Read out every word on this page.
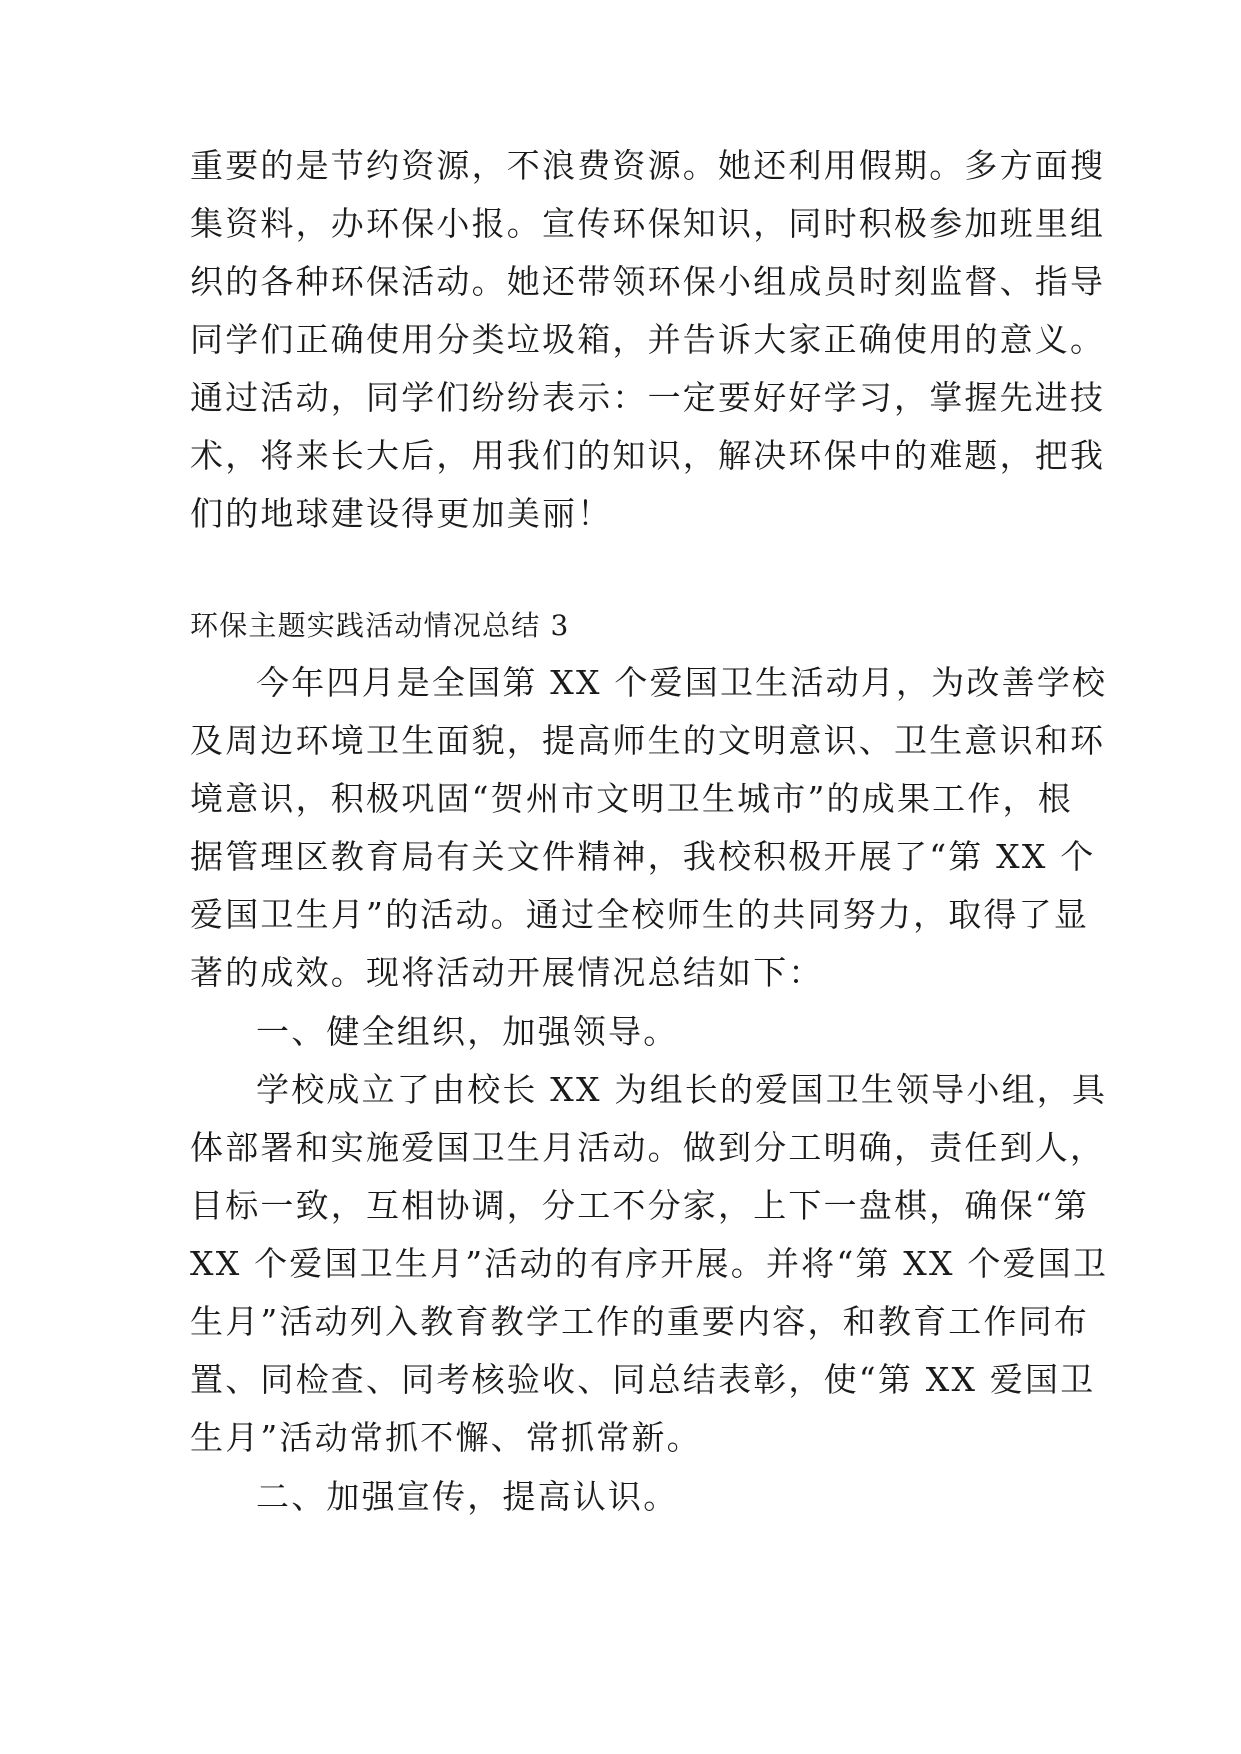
重要的是节约资源，不浪费资源。她还利用假期。多方面搜
集资料，办环保小报。宣传环保知识，同时积极参加班里组
织的各种环保活动。她还带领环保小组成员时刻监督、指导
同学们正确使用分类垃圾箱，并告诉大家正确使用的意义。
通过活动，同学们纷纷表示：一定要好好学习，掌握先进技
术，将来长大后，用我们的知识，解决环保中的难题，把我
们的地球建设得更加美丽！
环保主题实践活动情况总结 3
今年四月是全国第 XX 个爱国卫生活动月，为改善学校
及周边环境卫生面貌，提高师生的文明意识、卫生意识和环
境意识，积极巩固“贺州市文明卫生城市”的成果工作，根
据管理区教育局有关文件精神，我校积极开展了“第 XX 个
爱国卫生月”的活动。通过全校师生的共同努力，取得了显
著的成效。现将活动开展情况总结如下：
一、健全组织，加强领导。
学校成立了由校长 XX 为组长的爱国卫生领导小组，具
体部署和实施爱国卫生月活动。做到分工明确，责任到人，
目标一致，互相协调，分工不分家，上下一盘棋，确保“第
XX 个爱国卫生月”活动的有序开展。并将“第 XX 个爱国卫
生月”活动列入教育教学工作的重要内容，和教育工作同布
置、同检查、同考核验收、同总结表彰，使“第 XX 爱国卫
生月”活动常抓不懈、常抓常新。
二、加强宣传，提高认识。
